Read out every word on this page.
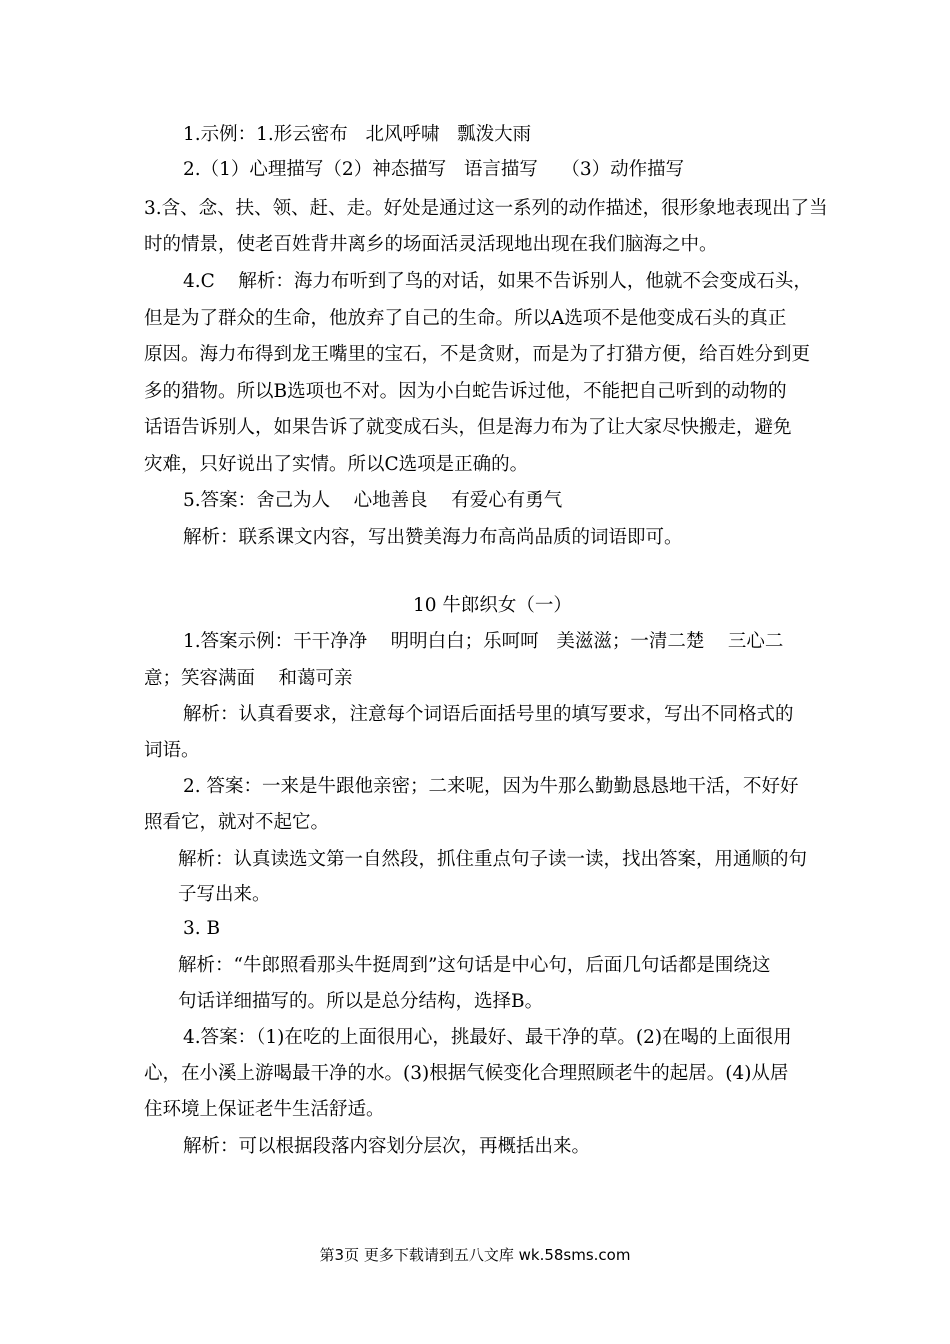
1.示例：1.形云密布   北风呼啸   瓢泼大雨
2.（1）心理描写（2）神态描写   语言描写    （3）动作描写
3.含、念、扶、领、赶、走。好处是通过这一系列的动作描述，很形象地表现出了当
时的情景，使老百姓背井离乡的场面活灵活现地出现在我们脑海之中。
4.C    解析：海力布听到了鸟的对话，如果不告诉别人，他就不会变成石头，
但是为了群众的生命，他放弃了自己的生命。所以A选项不是他变成石头的真正
原因。海力布得到龙王嘴里的宝石，不是贪财，而是为了打猎方便，给百姓分到更
多的猎物。所以B选项也不对。因为小白蛇告诉过他，不能把自己听到的动物的
话语告诉别人，如果告诉了就变成石头，但是海力布为了让大家尽快搬走，避免
灾难，只好说出了实情。所以C选项是正确的。
5.答案：舍己为人    心地善良    有爱心有勇气
解析：联系课文内容，写出赞美海力布高尚品质的词语即可。
10 牛郎织女（一）
1.答案示例：干干净净    明明白白；乐呵呵   美滋滋；一清二楚    三心二
意；笑容满面    和蔼可亲
解析：认真看要求，注意每个词语后面括号里的填写要求，写出不同格式的
词语。
2. 答案：一来是牛跟他亲密；二来呢，因为牛那么勤勤恳恳地干活，不好好
照看它，就对不起它。
解析：认真读选文第一自然段，抓住重点句子读一读，找出答案，用通顺的句
子写出来。
3. B
解析：“牛郎照看那头牛挺周到”这句话是中心句，后面几句话都是围绕这
句话详细描写的。所以是总分结构，选择B。
4.答案：（1)在吃的上面很用心，挑最好、最干净的草。(2)在喝的上面很用
心，在小溪上游喝最干净的水。(3)根据气候变化合理照顾老牛的起居。(4)从居
住环境上保证老牛生活舒适。
解析：可以根据段落内容划分层次，再概括出来。
第3页 更多下载请到五八文库 wk.58sms.com
